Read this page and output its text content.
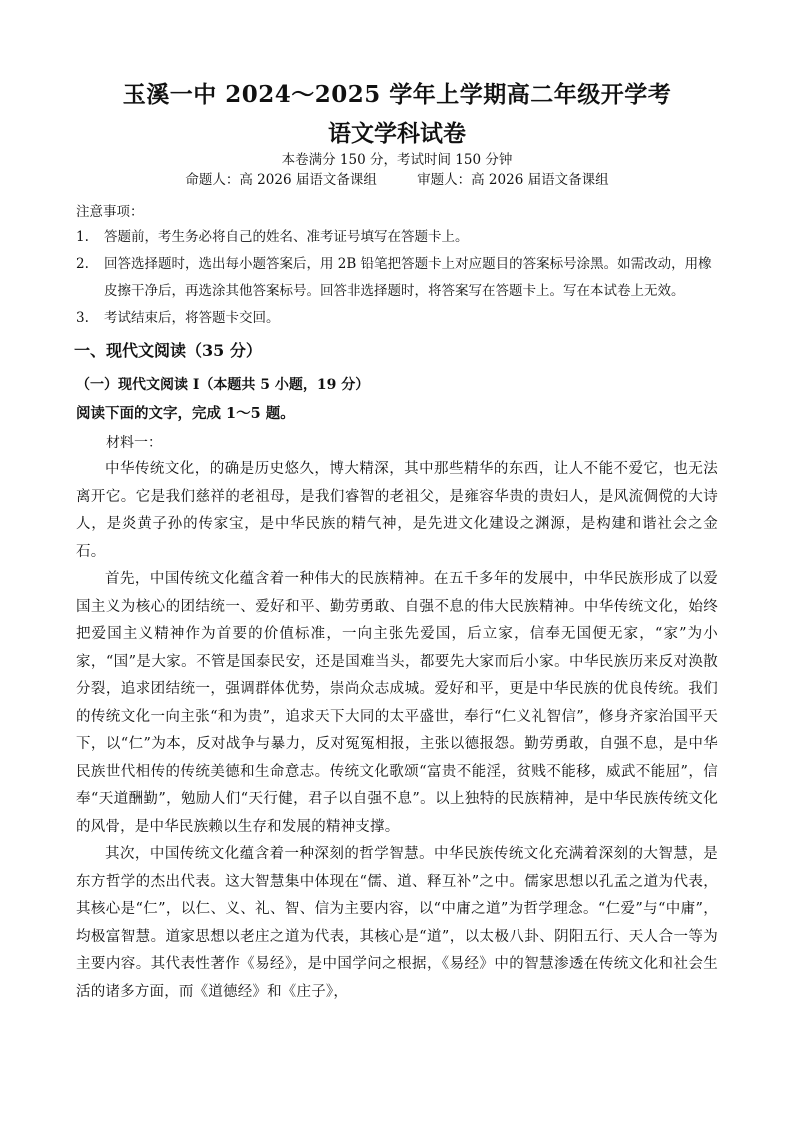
玉溪一中 2024～2025 学年上学期高二年级开学考
语文学科试卷

本卷满分 150 分，考试时间 150 分钟

命题人：高 2026 届语文备课组	审题人：高 2026 届语文备课组

注意事项：
1. 答题前，考生务必将自己的姓名、准考证号填写在答题卡上。
2. 回答选择题时，选出每小题答案后，用 2B 铅笔把答题卡上对应题目的答案标号涂黑。如需改动，用橡皮擦干净后，再选涂其他答案标号。回答非选择题时，将答案写在答题卡上。写在本试卷上无效。
3. 考试结束后，将答题卡交回。
一、现代文阅读（35 分）
（一）现代文阅读 I（本题共 5 小题，19 分）

阅读下面的文字，完成 1～5 题。

材料一：

中华传统文化，的确是历史悠久，博大精深，其中那些精华的东西，让人不能不爱它，也无法离开它。它是我们慈祥的老祖母，是我们睿智的老祖父，是雍容华贵的贵妇人，是风流倜傥的大诗人，是炎黄子孙的传家宝，是中华民族的精气神，是先进文化建设之渊源，是构建和谐社会之金石。

首先，中国传统文化蕴含着一种伟大的民族精神。在五千多年的发展中，中华民族形成了以爱国主义为核心的团结统一、爱好和平、勤劳勇敢、自强不息的伟大民族精神。中华传统文化，始终把爱国主义精神作为首要的价值标准，一向主张先爱国，后立家，信奉无国便无家，“家”为小家，“国”是大家。不管是国泰民安，还是国难当头，都要先大家而后小家。中华民族历来反对涣散分裂，追求团结统一，强调群体优势，崇尚众志成城。爱好和平，更是中华民族的优良传统。我们的传统文化一向主张“和为贵”，追求天下大同的太平盛世，奉行“仁义礼智信”，修身齐家治国平天下，以“仁”为本，反对战争与暴力，反对冤冤相报，主张以德报怨。勤劳勇敢，自强不息，是中华民族世代相传的传统美德和生命意志。传统文化歌颂“富贵不能淫，贫贱不能移，威武不能屈”，信奉“天道酬勤”，勉励人们“天行健，君子以自强不息”。以上独特的民族精神，是中华民族传统文化的风骨，是中华民族赖以生存和发展的精神支撑。

其次，中国传统文化蕴含着一种深刻的哲学智慧。中华民族传统文化充满着深刻的大智慧，是东方哲学的杰出代表。这大智慧集中体现在“儒、道、释互补”之中。儒家思想以孔孟之道为代表，其核心是“仁”，以仁、义、礼、智、信为主要内容，以“中庸之道”为哲学理念。“仁爱”与“中庸”，均极富智慧。道家思想以老庄之道为代表，其核心是“道”，以太极八卦、阴阳五行、天人合一等为主要内容。其代表性著作《易经》，是中国学问之根据，《易经》中的智慧渗透在传统文化和社会生活的诸多方面，而《道德经》和《庄子》，
